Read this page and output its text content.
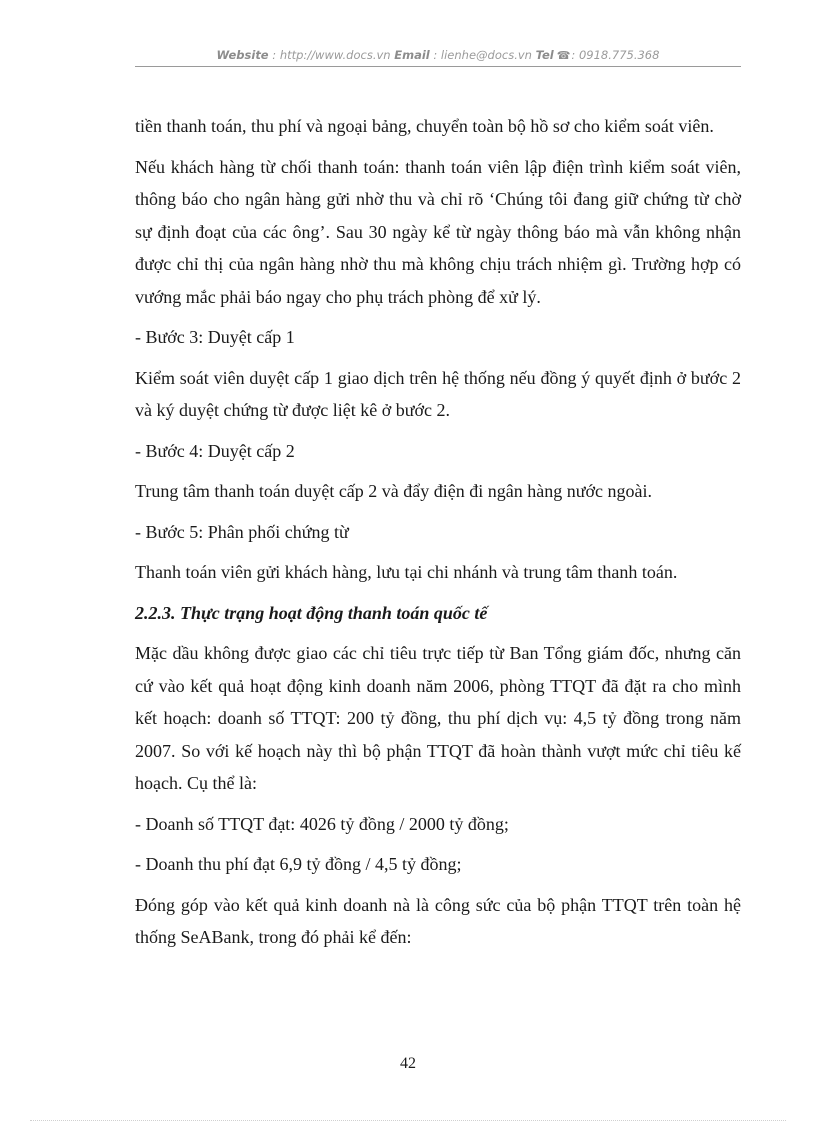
Website : http://www.docs.vn Email : lienhe@docs.vn Tel ☎: 0918.775.368

tiền thanh toán, thu phí và ngoại bảng, chuyển toàn bộ hồ sơ cho kiểm soát viên.

Nếu khách hàng từ chối thanh toán: thanh toán viên lập điện trình kiểm soát viên, thông báo cho ngân hàng gửi nhờ thu và chỉ rõ ‘Chúng tôi đang giữ chứng từ chờ sự định đoạt của các ông’. Sau 30 ngày kể từ ngày thông báo mà vẫn không nhận được chỉ thị của ngân hàng nhờ thu mà không chịu trách nhiệm gì. Trường hợp có vướng mắc phải báo ngay cho phụ trách phòng để xử lý.

- Bước 3: Duyệt cấp 1

Kiểm soát viên duyệt cấp 1 giao dịch trên hệ thống nếu đồng ý quyết định ở bước 2 và ký duyệt chứng từ được liệt kê ở bước 2.

- Bước 4: Duyệt cấp 2

Trung tâm thanh toán duyệt cấp 2 và đẩy điện đi ngân hàng nước ngoài.

- Bước 5: Phân phối chứng từ

Thanh toán viên gửi khách hàng, lưu tại chi nhánh và trung tâm thanh toán.

2.2.3. Thực trạng hoạt động thanh toán quốc tế

Mặc dầu không được giao các chỉ tiêu trực tiếp từ Ban Tổng giám đốc, nhưng căn cứ vào kết quả hoạt động kinh doanh năm 2006, phòng TTQT đã đặt ra cho mình kết hoạch: doanh số TTQT: 200 tỷ đồng, thu phí dịch vụ: 4,5 tỷ đồng trong năm 2007. So với kế hoạch này thì bộ phận TTQT đã hoàn thành vượt mức chỉ tiêu kế hoạch. Cụ thể là:

- Doanh số TTQT đạt: 4026 tỷ đồng / 2000 tỷ đồng;

- Doanh thu phí đạt 6,9 tỷ đồng / 4,5 tỷ đồng;

Đóng góp vào kết quả kinh doanh nà là công sức của bộ phận TTQT trên toàn hệ thống SeABank, trong đó phải kể đến:

42
